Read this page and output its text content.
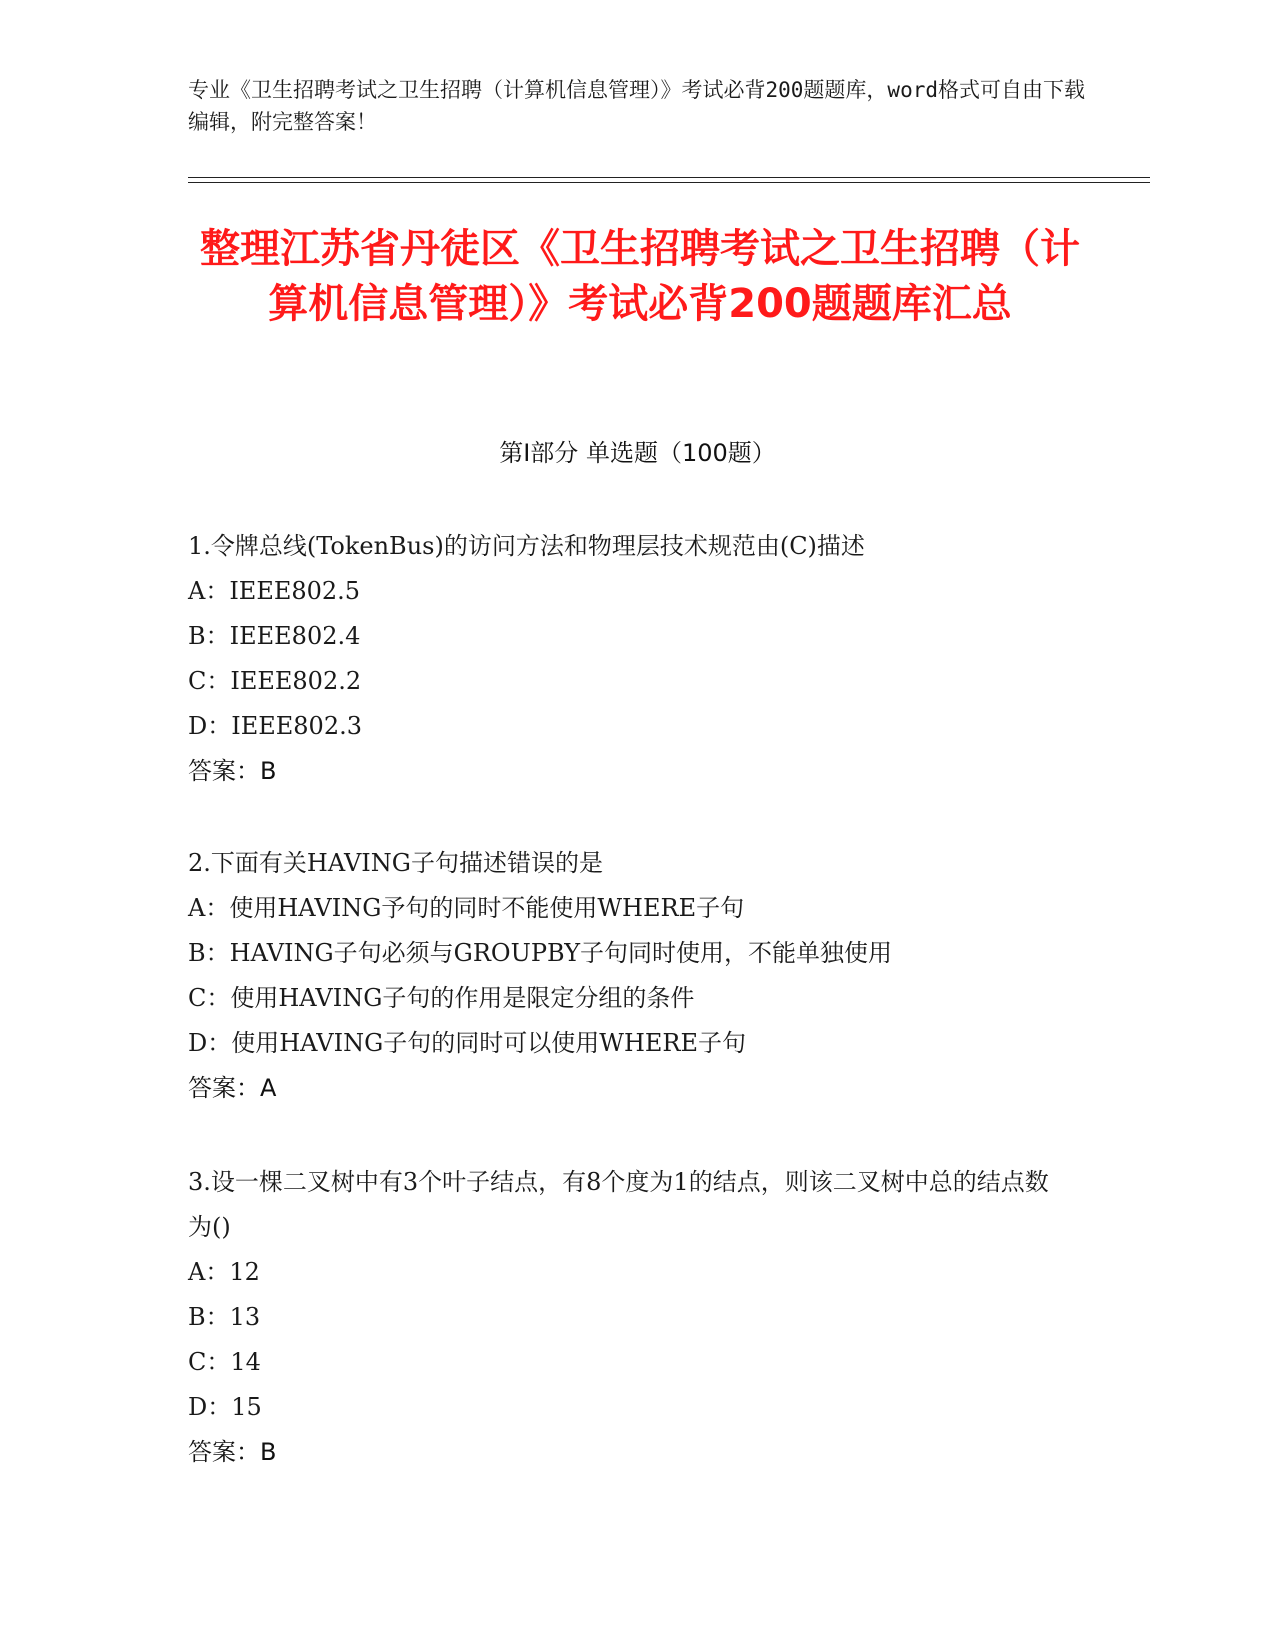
专业《卫生招聘考试之卫生招聘（计算机信息管理）》考试必背200题题库，word格式可自由下载编辑，附完整答案！
整理江苏省丹徒区《卫生招聘考试之卫生招聘（计算机信息管理）》考试必背200题题库汇总
第I部分 单选题（100题）

1.令牌总线(TokenBus)的访问方法和物理层技术规范由(C)描述

A：IEEE802.5

B：IEEE802.4

C：IEEE802.2

D：IEEE802.3

答案：B

2.下面有关HAVING子句描述错误的是

A：使用HAVING予句的同时不能使用WHERE子句

B：HAVING子句必须与GROUPBY子句同时使用，不能单独使用

C：使用HAVING子句的作用是限定分组的条件

D：使用HAVING子句的同时可以使用WHERE子句

答案：A

3.设一棵二叉树中有3个叶子结点，有8个度为1的结点，则该二叉树中总的结点数为()

A：12

B：13

C：14

D：15

答案：B
